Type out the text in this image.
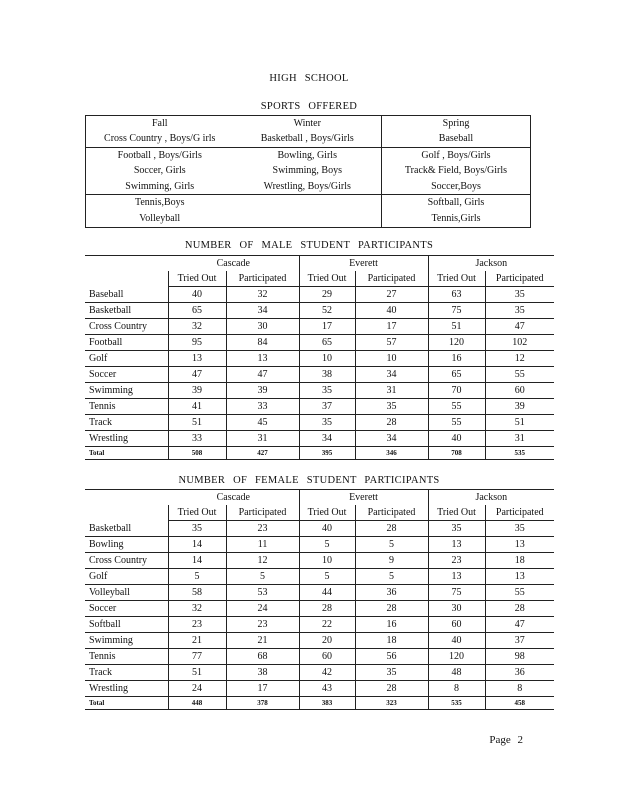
HIGH SCHOOL
SPORTS OFFERED
Fall	Winter	Spring
Cross Country , Boys/G irls	Basketball , Boys/Girls	Baseball
Football , Boys/Girls	Bowling, Girls	Golf , Boys/Girls
Soccer, Girls	Swimming, Boys	Track& Field, Boys/Girls
Swimming, Girls	Wrestling, Boys/Girls	Soccer,Boys
Tennis,Boys		Softball, Girls
Volleyball		Tennis,Girls
NUMBER OF MALE STUDENT PARTICIPANTS
	Cascade		Everett		Jackson	
	Tried Out	Participated	Tried Out	Participated	Tried Out	Participated
Baseball	40	32	29	27	63	35
Basketball	65	34	52	40	75	35
Cross Country	32	30	17	17	51	47
Football	95	84	65	57	120	102
Golf	13	13	10	10	16	12
Soccer	47	47	38	34	65	55
Swimming	39	39	35	31	70	60
Tennis	41	33	37	35	55	39
Track	51	45	35	28	55	51
Wrestling	33	31	34	34	40	31
Total	508	427	395	346	708	535
NUMBER OF FEMALE STUDENT PARTICIPANTS
	Cascade		Everett		Jackson	
	Tried Out	Participated	Tried Out	Participated	Tried Out	Participated
Basketball	35	23	40	28	35	35
Bowling	14	11	5	5	13	13
Cross Country	14	12	10	9	23	18
Golf	5	5	5	5	13	13
Volleyball	58	53	44	36	75	55
Soccer	32	24	28	28	30	28
Softball	23	23	22	16	60	47
Swimming	21	21	20	18	40	37
Tennis	77	68	60	56	120	98
Track	51	38	42	35	48	36
Wrestling	24	17	43	28	8	8
Total	448	378	383	323	535	458
Page 2
